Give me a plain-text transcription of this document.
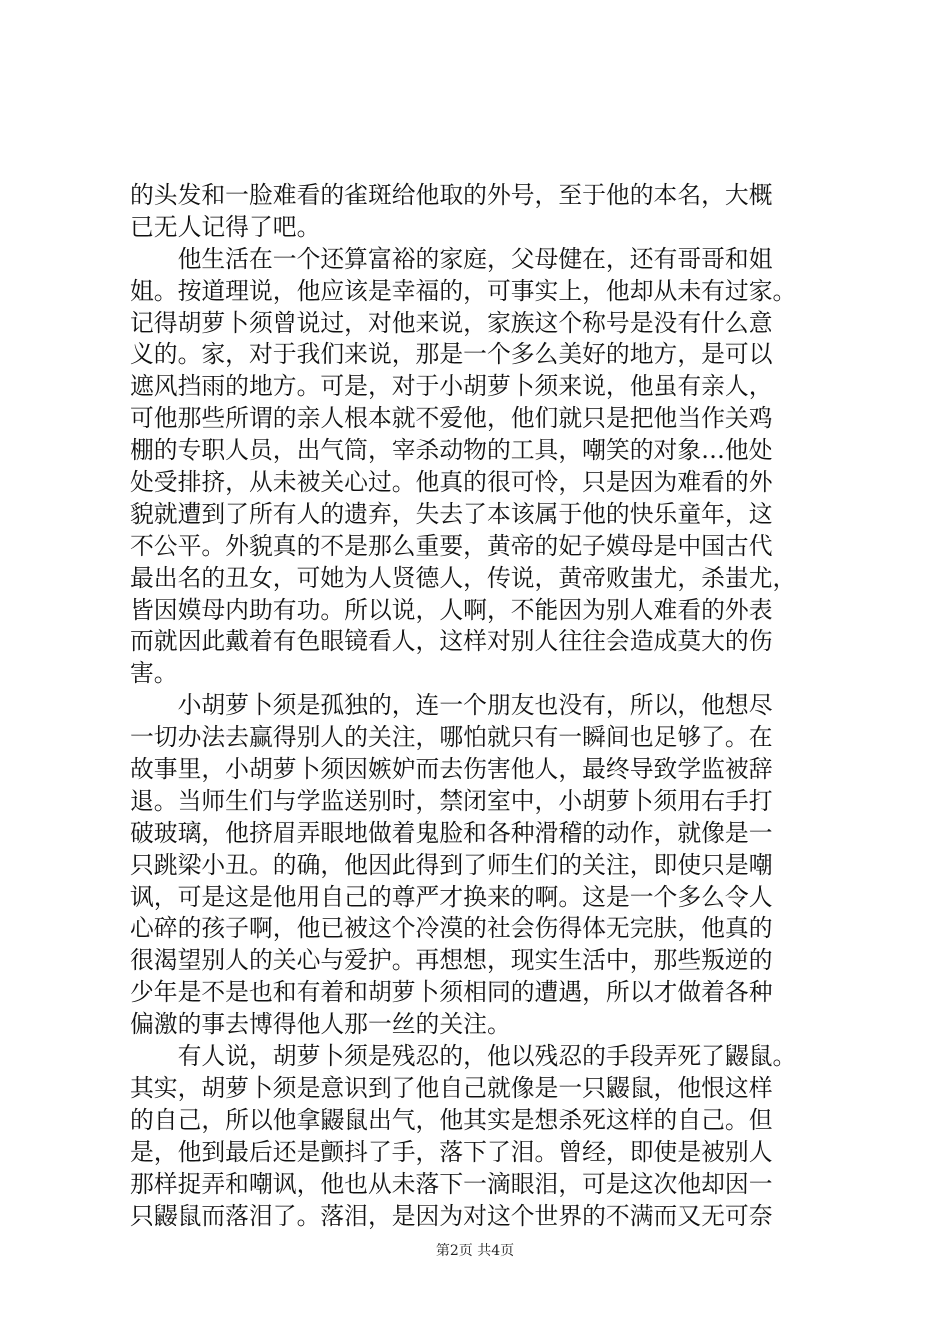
的头发和一脸难看的雀斑给他取的外号，至于他的本名，大概
已无人记得了吧。
　　他生活在一个还算富裕的家庭，父母健在，还有哥哥和姐
姐。按道理说，他应该是幸福的，可事实上，他却从未有过家。
记得胡萝卜须曾说过，对他来说，家族这个称号是没有什么意
义的。家，对于我们来说，那是一个多么美好的地方，是可以
遮风挡雨的地方。可是，对于小胡萝卜须来说，他虽有亲人，
可他那些所谓的亲人根本就不爱他，他们就只是把他当作关鸡
棚的专职人员，出气筒，宰杀动物的工具，嘲笑的对象…他处
处受排挤，从未被关心过。他真的很可怜，只是因为难看的外
貌就遭到了所有人的遗弃，失去了本该属于他的快乐童年，这
不公平。外貌真的不是那么重要，黄帝的妃子嫫母是中国古代
最出名的丑女，可她为人贤德人，传说，黄帝败蚩尤，杀蚩尤，
皆因嫫母内助有功。所以说，人啊，不能因为别人难看的外表
而就因此戴着有色眼镜看人，这样对别人往往会造成莫大的伤
害。
　　小胡萝卜须是孤独的，连一个朋友也没有，所以，他想尽
一切办法去赢得别人的关注，哪怕就只有一瞬间也足够了。在
故事里，小胡萝卜须因嫉妒而去伤害他人，最终导致学监被辞
退。当师生们与学监送别时，禁闭室中，小胡萝卜须用右手打
破玻璃，他挤眉弄眼地做着鬼脸和各种滑稽的动作，就像是一
只跳梁小丑。的确，他因此得到了师生们的关注，即使只是嘲
讽，可是这是他用自己的尊严才换来的啊。这是一个多么令人
心碎的孩子啊，他已被这个冷漠的社会伤得体无完肤，他真的
很渴望别人的关心与爱护。再想想，现实生活中，那些叛逆的
少年是不是也和有着和胡萝卜须相同的遭遇，所以才做着各种
偏激的事去博得他人那一丝的关注。
　　有人说，胡萝卜须是残忍的，他以残忍的手段弄死了鼹鼠。
其实，胡萝卜须是意识到了他自己就像是一只鼹鼠，他恨这样
的自己，所以他拿鼹鼠出气，他其实是想杀死这样的自己。但
是，他到最后还是颤抖了手，落下了泪。曾经，即使是被别人
那样捉弄和嘲讽，他也从未落下一滴眼泪，可是这次他却因一
只鼹鼠而落泪了。落泪，是因为对这个世界的不满而又无可奈
第2页 共4页
